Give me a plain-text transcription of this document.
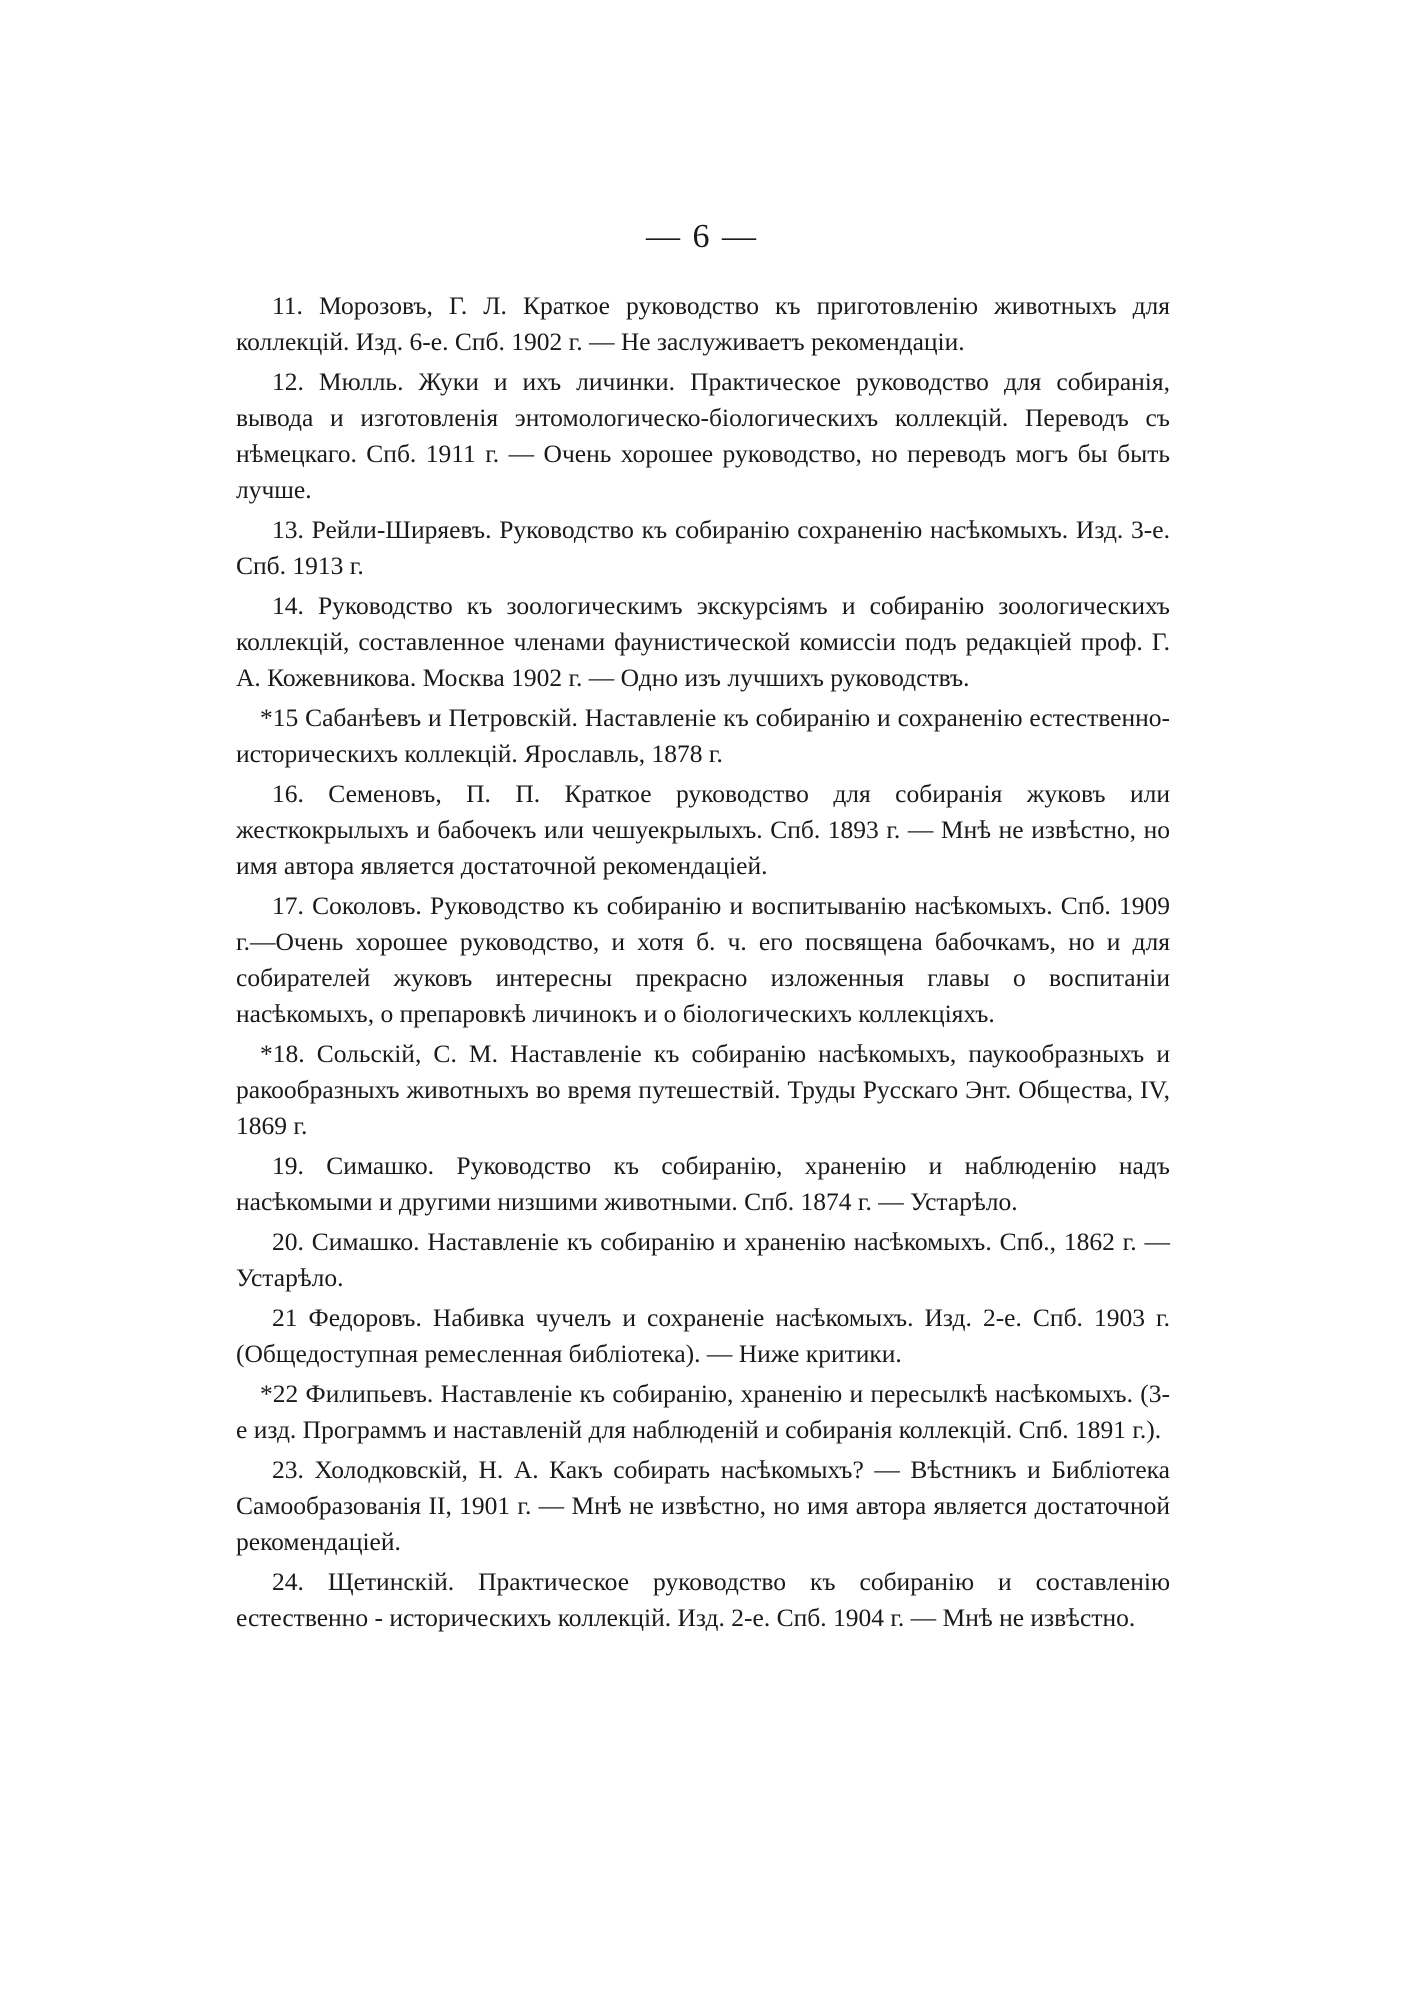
— 6 —

11. Морозовъ, Г. Л. Краткое руководство къ приготовленію животныхъ для коллекцій. Изд. 6-е. Спб. 1902 г. — Не заслуживаетъ рекомендаціи.

12. Мюлль. Жуки и ихъ личинки. Практическое руководство для собиранія, вывода и изготовленія энтомологическо-біологическихъ коллекцій. Переводъ съ нѣмецкаго. Спб. 1911 г. — Очень хорошее руководство, но переводъ могъ бы быть лучше.

13. Рейли-Ширяевъ. Руководство къ собиранію сохраненію насѣкомыхъ. Изд. 3-е. Спб. 1913 г.

14. Руководство къ зоологическимъ экскурсіямъ и собиранію зоологическихъ коллекцій, составленное членами фаунистической комиссіи подъ редакціей проф. Г. А. Кожевникова. Москва 1902 г. — Одно изъ лучшихъ руководствъ.

*15 Сабанѣевъ и Петровскій. Наставленіе къ собиранію и сохраненію естественно-историческихъ коллекцій. Ярославль, 1878 г.

16. Семеновъ, П. П. Краткое руководство для собиранія жуковъ или жесткокрылыхъ и бабочекъ или чешуекрылыхъ. Спб. 1893 г. — Мнѣ не извѣстно, но имя автора является достаточной рекомендаціей.

17. Соколовъ. Руководство къ собиранію и воспитыванію насѣкомыхъ. Спб. 1909 г.—Очень хорошее руководство, и хотя б. ч. его посвящена бабочкамъ, но и для собирателей жуковъ интересны прекрасно изложенныя главы о воспитаніи насѣкомыхъ, о препаровкѣ личинокъ и о біологическихъ коллекціяхъ.

*18. Сольскій, С. М. Наставленіе къ собиранію насѣкомыхъ, паукообразныхъ и ракообразныхъ животныхъ во время путешествій. Труды Русскаго Энт. Общества, IV, 1869 г.

19. Симашко. Руководство къ собиранію, храненію и наблюденію надъ насѣкомыми и другими низшими животными. Спб. 1874 г. — Устарѣло.

20. Симашко. Наставленіе къ собиранію и храненію насѣкомыхъ. Спб., 1862 г. — Устарѣло.

21 Федоровъ. Набивка чучелъ и сохраненіе насѣкомыхъ. Изд. 2-е. Спб. 1903 г. (Общедоступная ремесленная библіотека). — Ниже критики.

*22 Филипьевъ. Наставленіе къ собиранію, храненію и пересылкѣ насѣкомыхъ. (3-е изд. Программъ и наставленій для наблюденій и собиранія коллекцій. Спб. 1891 г.).

23. Холодковскій, Н. А. Какъ собирать насѣкомыхъ? — Вѣстникъ и Библіотека Самообразованія II, 1901 г. — Мнѣ не извѣстно, но имя автора является достаточной рекомендаціей.

24. Щетинскій. Практическое руководство къ собиранію и составленію естественно - историческихъ коллекцій. Изд. 2-е. Спб. 1904 г. — Мнѣ не извѣстно.
